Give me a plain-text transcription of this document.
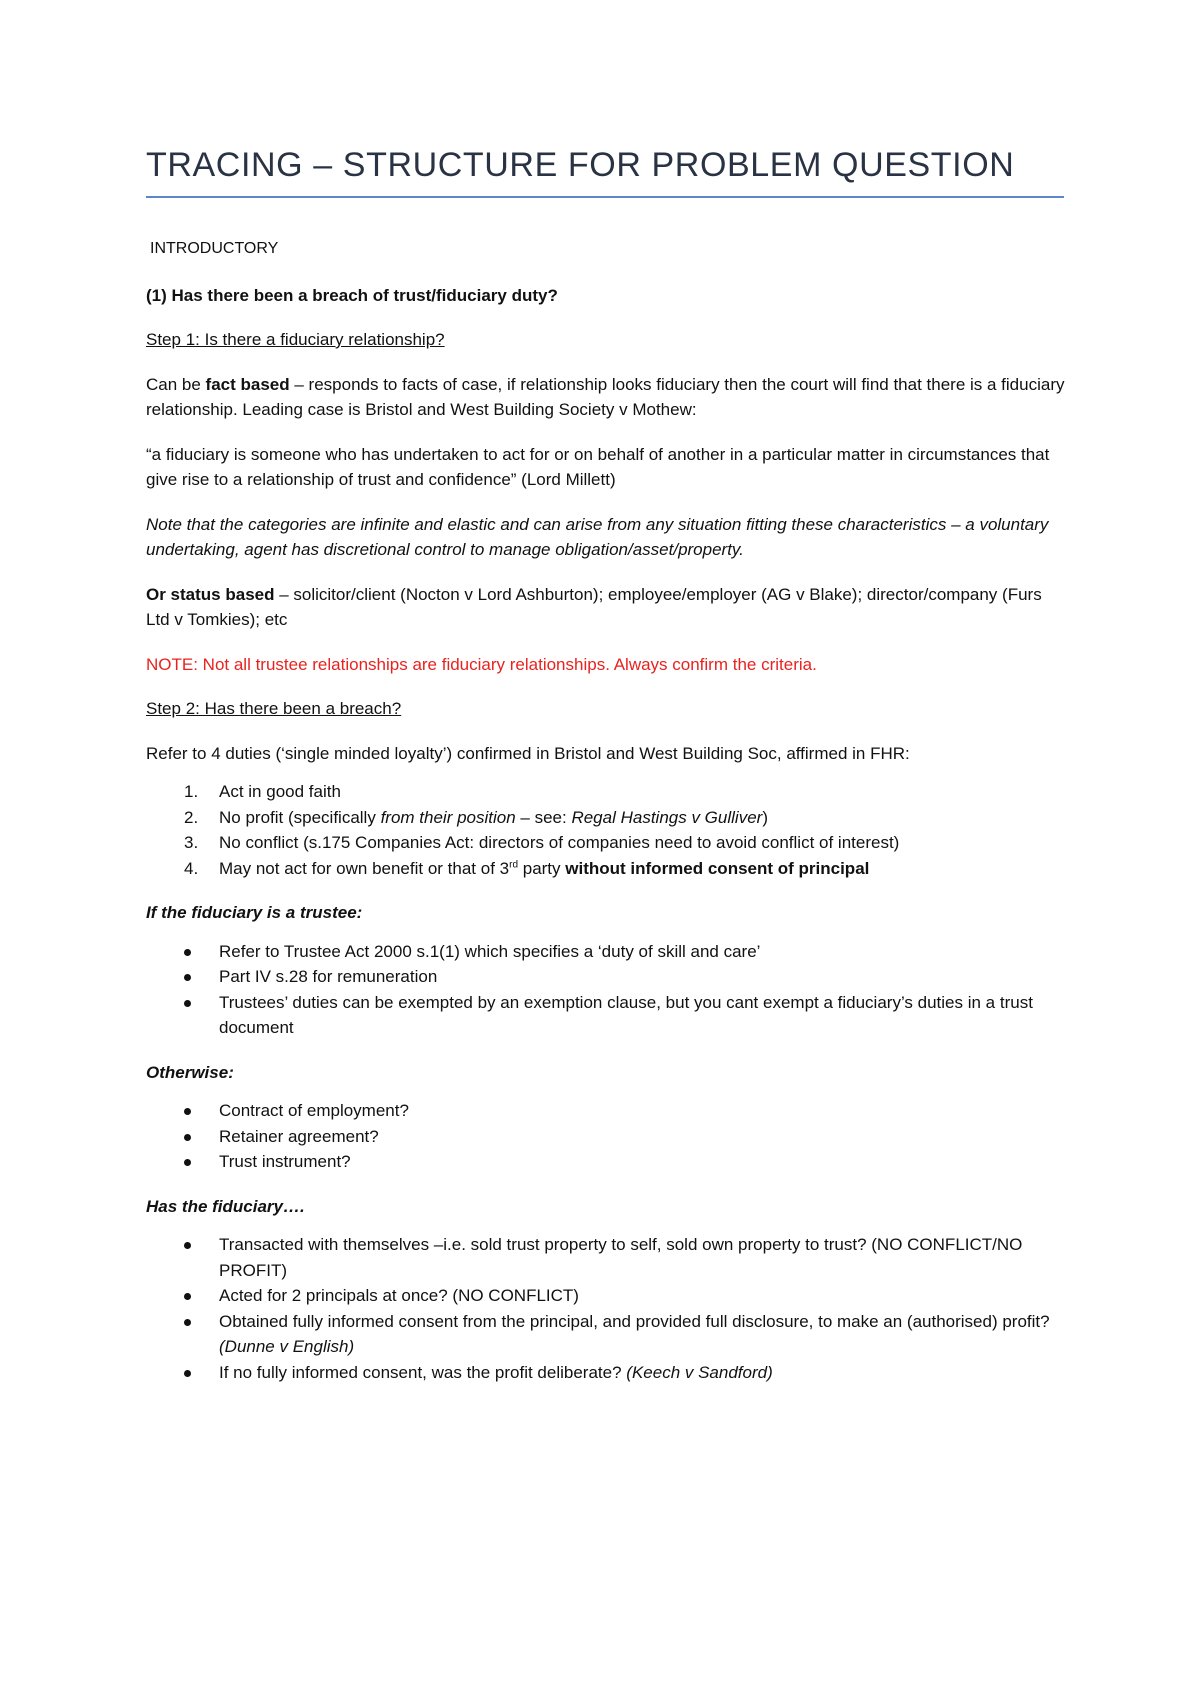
TRACING – STRUCTURE FOR PROBLEM QUESTION

INTRODUCTORY

(1) Has there been a breach of trust/fiduciary duty?

Step 1: Is there a fiduciary relationship?

Can be fact based – responds to facts of case, if relationship looks fiduciary then the court will find that there is a fiduciary relationship. Leading case is Bristol and West Building Society v Mothew:

“a fiduciary is someone who has undertaken to act for or on behalf of another in a particular matter in circumstances that give rise to a relationship of trust and confidence” (Lord Millett)

Note that the categories are infinite and elastic and can arise from any situation fitting these characteristics – a voluntary undertaking, agent has discretional control to manage obligation/asset/property.

Or status based – solicitor/client (Nocton v Lord Ashburton); employee/employer (AG v Blake); director/company (Furs Ltd v Tomkies); etc

NOTE: Not all trustee relationships are fiduciary relationships. Always confirm the criteria.

Step 2: Has there been a breach?

Refer to 4 duties (‘single minded loyalty’) confirmed in Bristol and West Building Soc, affirmed in FHR:

1. Act in good faith
2. No profit (specifically from their position – see: Regal Hastings v Gulliver)
3. No conflict (s.175 Companies Act: directors of companies need to avoid conflict of interest)
4. May not act for own benefit or that of 3rd party without informed consent of principal

If the fiduciary is a trustee:

Refer to Trustee Act 2000 s.1(1) which specifies a ‘duty of skill and care’
Part IV s.28 for remuneration
Trustees’ duties can be exempted by an exemption clause, but you cant exempt a fiduciary’s duties in a trust document

Otherwise:

Contract of employment?
Retainer agreement?
Trust instrument?

Has the fiduciary….

Transacted with themselves –i.e. sold trust property to self, sold own property to trust? (NO CONFLICT/NO PROFIT)
Acted for 2 principals at once? (NO CONFLICT)
Obtained fully informed consent from the principal, and provided full disclosure, to make an (authorised) profit? (Dunne v English)
If no fully informed consent, was the profit deliberate? (Keech v Sandford)
